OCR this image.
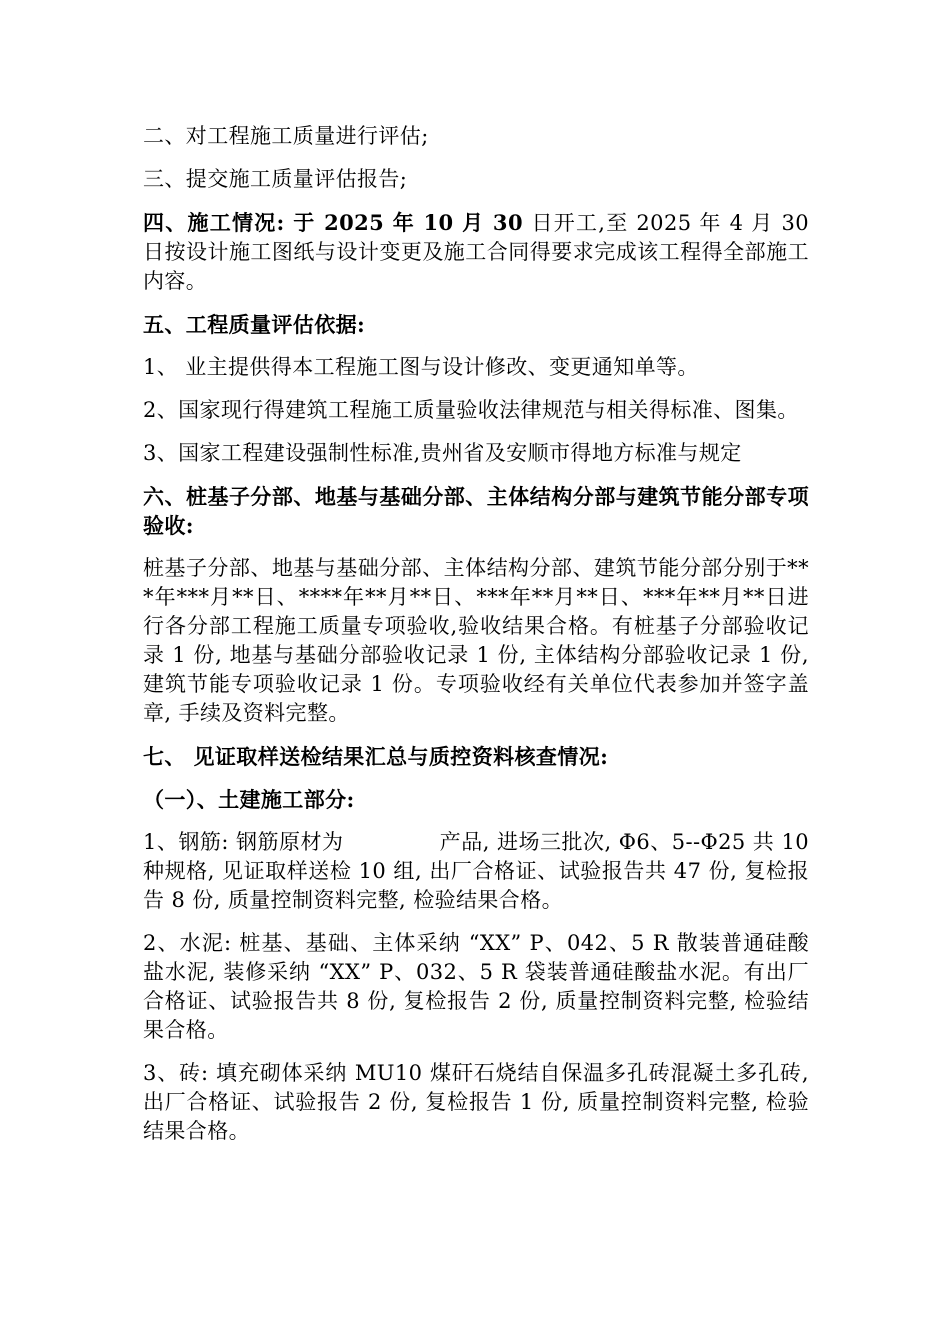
二、对工程施工质量进行评估;

三、提交施工质量评估报告;

四、施工情况: 于 2025 年 10 月 30 日开工,至 2025 年 4 月 30 日按设计施工图纸与设计变更及施工合同得要求完成该工程得全部施工内容。

五、工程质量评估依据:

1、 业主提供得本工程施工图与设计修改、变更通知单等。

2、国家现行得建筑工程施工质量验收法律规范与相关得标准、图集。

3、国家工程建设强制性标准,贵州省及安顺市得地方标准与规定

六、桩基子分部、地基与基础分部、主体结构分部与建筑节能分部专项验收:

桩基子分部、地基与基础分部、主体结构分部、建筑节能分部分别于***年***月**日、****年**月**日、***年**月**日、***年**月**日进行各分部工程施工质量专项验收,验收结果合格。有桩基子分部验收记录 1 份, 地基与基础分部验收记录 1 份, 主体结构分部验收记录 1 份, 建筑节能专项验收记录 1 份。专项验收经有关单位代表参加并签字盖章, 手续及资料完整。

七、 见证取样送检结果汇总与质控资料核查情况:

（一）、土建施工部分:

1、钢筋: 钢筋原材为	产品, 进场三批次, Φ6、5--Φ25 共 10 种规格, 见证取样送检 10 组, 出厂合格证、试验报告共 47 份, 复检报告 8 份, 质量控制资料完整, 检验结果合格。

2、水泥: 桩基、基础、主体采纳 “XX” P、042、5 R 散装普通硅酸盐水泥, 装修采纳 “XX” P、032、5 R 袋装普通硅酸盐水泥。有出厂合格证、试验报告共 8 份, 复检报告 2 份, 质量控制资料完整, 检验结果合格。

3、砖: 填充砌体采纳 MU10 煤矸石烧结自保温多孔砖混凝土多孔砖, 出厂合格证、试验报告 2 份, 复检报告 1 份, 质量控制资料完整, 检验结果合格。
